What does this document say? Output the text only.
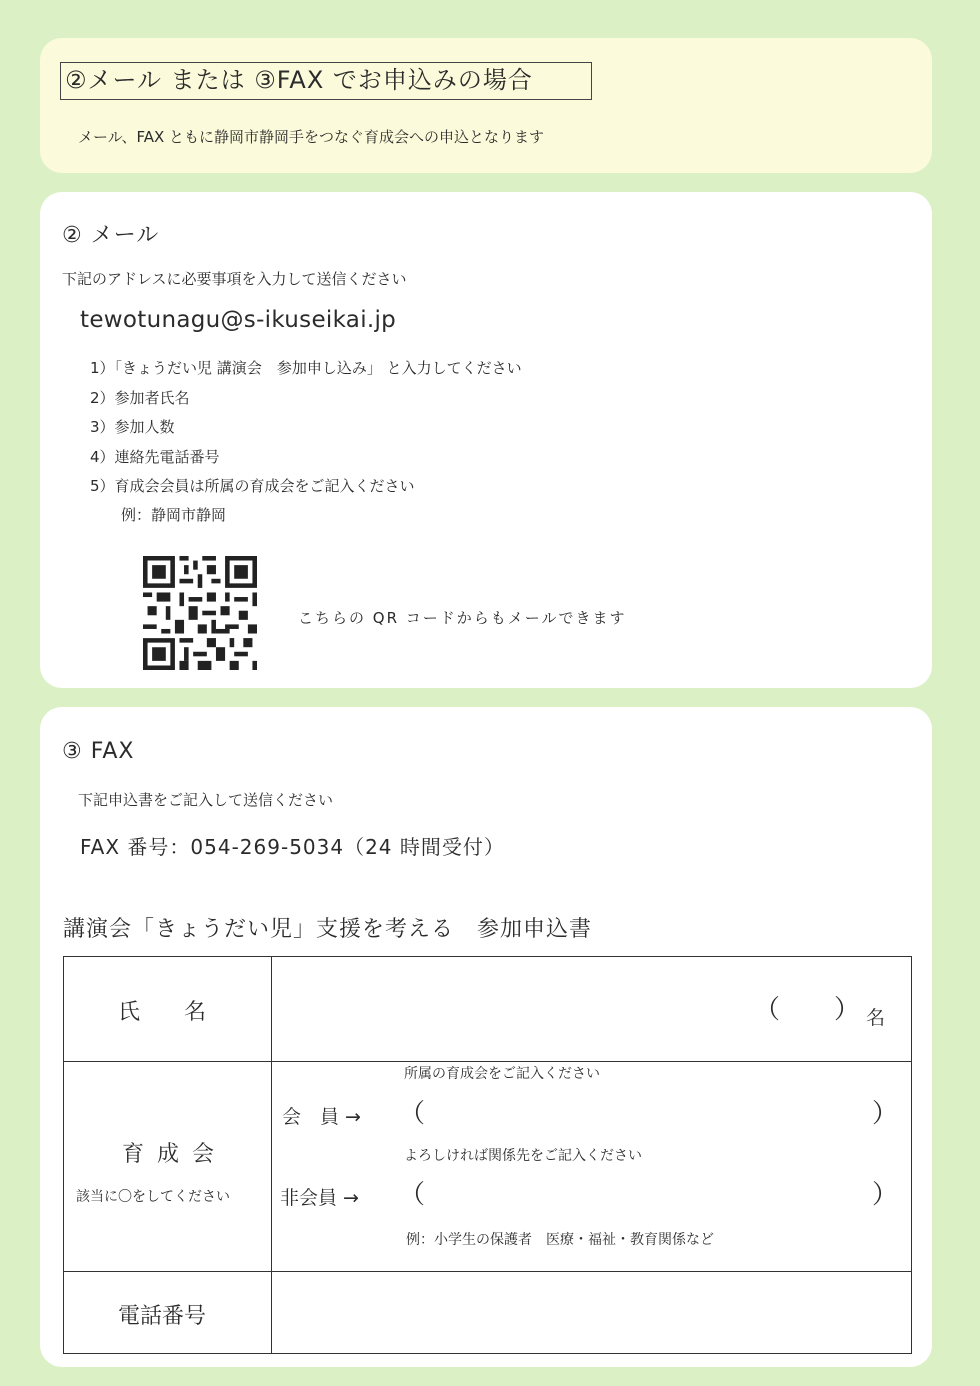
②メール または ③FAX でお申込みの場合
メール、FAX ともに静岡市静岡手をつなぐ育成会への申込となります
② メール
下記のアドレスに必要事項を入力して送信ください
tewotunagu@s-ikuseikai.jp
1）「きょうだい児 講演会　参加申し込み」 と入力してください
2）参加者氏名
3）参加人数
4）連絡先電話番号
5）育成会会員は所属の育成会をご記入ください
例：静岡市静岡
こちらの QR コードからもメールできます
③ FAX
下記申込書をご記入して送信ください
FAX 番号：054-269-5034（24 時間受付）
講演会「きょうだい児」支援を考える　参加申込書
氏　　名	（ ） 名
育 成 会
該当に〇をしてください
所属の育成会をご記入ください
会　員 → （	）
よろしければ関係先をご記入ください
非会員 → （	）
例：小学生の保護者　医療・福祉・教育関係など
電話番号
